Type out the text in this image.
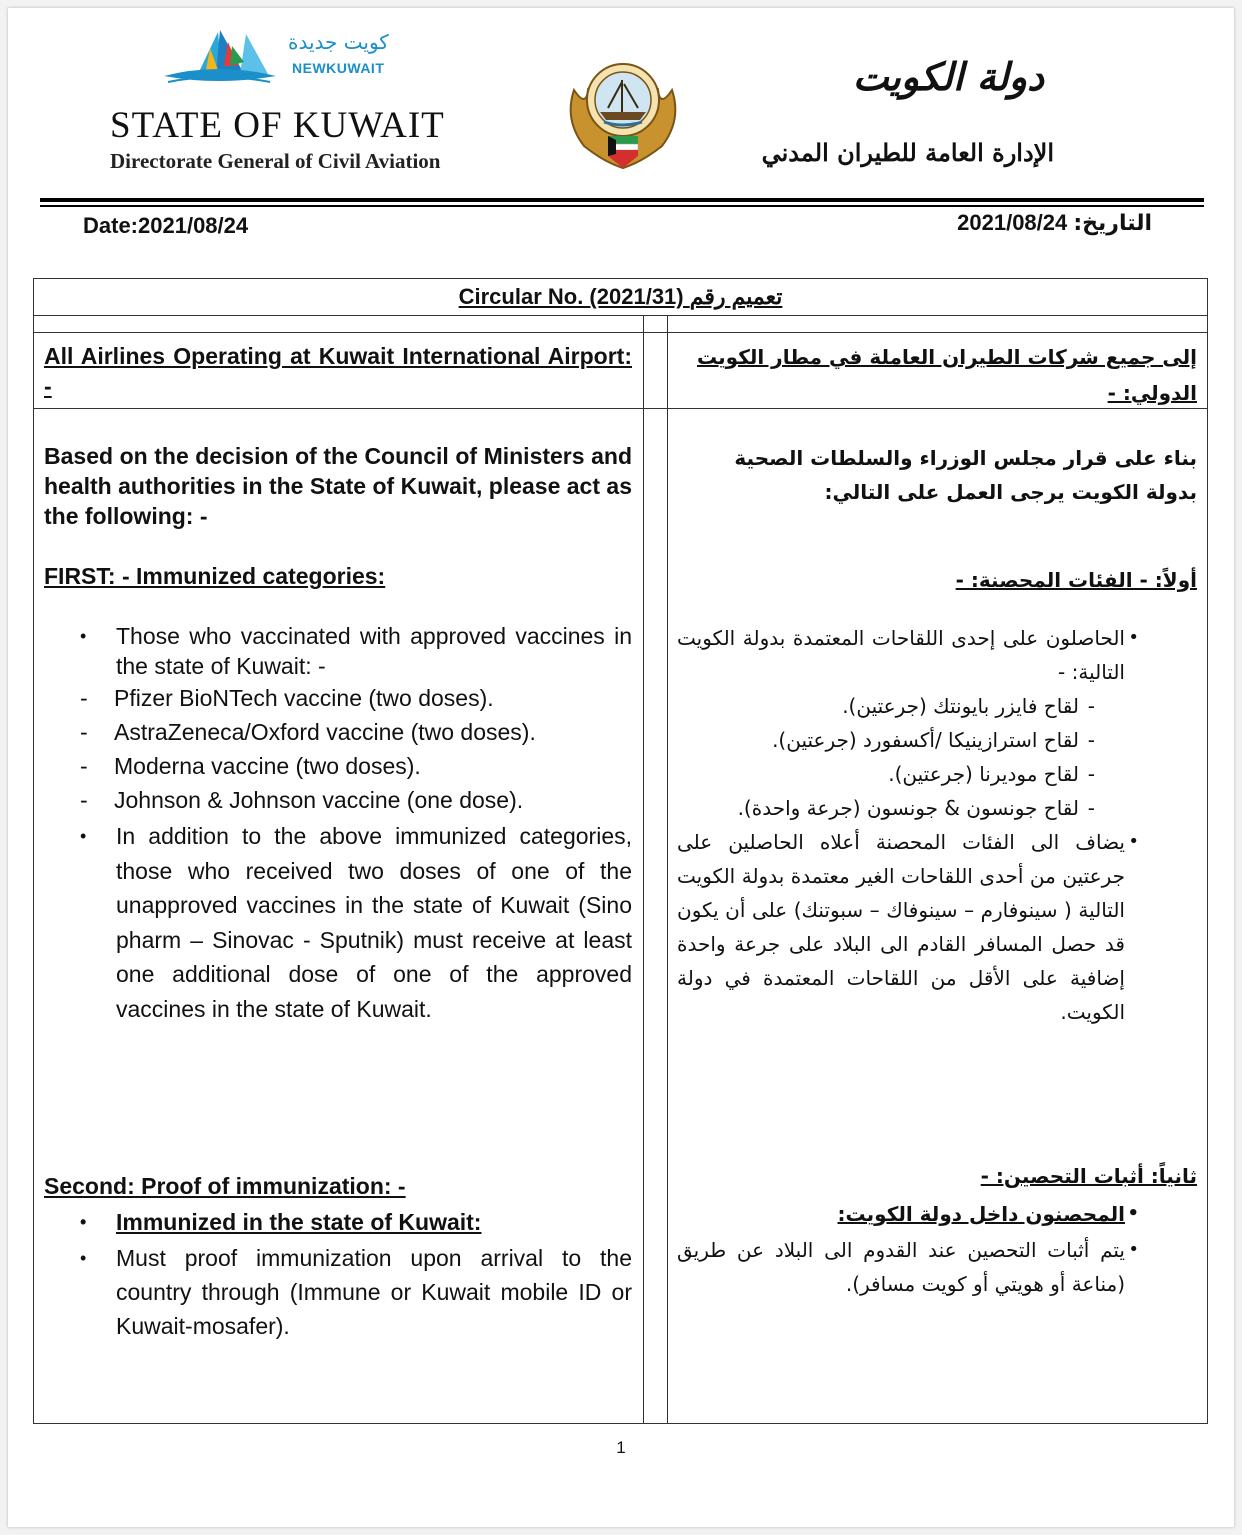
كويت جديدة
NEWKUWAIT
STATE OF KUWAIT
Directorate General of Civil Aviation
دولة الكويت
الإدارة العامة للطيران المدني
Date:2021/08/24	التاريخ: 2021/08/24
Circular No. (2021/31) تعميم رقم
All Airlines Operating at Kuwait International Airport: -
Based on the decision of the Council of Ministers and health authorities in the State of Kuwait, please act as the following: -
FIRST: - Immunized categories:
• Those who vaccinated with approved vaccines in the state of Kuwait: -
- Pfizer BioNTech vaccine (two doses).
- AstraZeneca/Oxford vaccine (two doses).
- Moderna vaccine (two doses).
- Johnson & Johnson vaccine (one dose).
• In addition to the above immunized categories, those who received two doses of one of the unapproved vaccines in the state of Kuwait (Sino pharm – Sinovac - Sputnik) must receive at least one additional dose of one of the approved vaccines in the state of Kuwait.
Second: Proof of immunization: -
• Immunized in the state of Kuwait:
• Must proof immunization upon arrival to the country through (Immune or Kuwait mobile ID or Kuwait-mosafer).
إلى جميع شركات الطيران العاملة في مطار الكويت الدولي: -
بناء على قرار مجلس الوزراء والسلطات الصحية بدولة الكويت يرجى العمل على التالي:
أولاً: - الفئات المحصنة: -
•
الحاصلون على إحدى اللقاحات المعتمدة بدولة الكويت التالية: -
-
لقاح فايزر بايونتك (جرعتين).
-
لقاح استرازينيكا /أكسفورد (جرعتين).
-
لقاح موديرنا (جرعتين).
-
لقاح جونسون & جونسون (جرعة واحدة).
•
يضاف الى الفئات المحصنة أعلاه الحاصلين على جرعتين من أحدى اللقاحات الغير معتمدة بدولة الكويت التالية ( سينوفارم – سينوفاك – سبوتنك) على أن يكون قد حصل المسافر القادم الى البلاد على جرعة واحدة إضافية على الأقل من اللقاحات المعتمدة في دولة الكويت.
ثانياً: أثبات التحصين: -
•
المحصنون داخل دولة الكويت:
•
يتم أثبات التحصين عند القدوم الى البلاد عن طريق (مناعة أو هويتي أو كويت مسافر).
1
